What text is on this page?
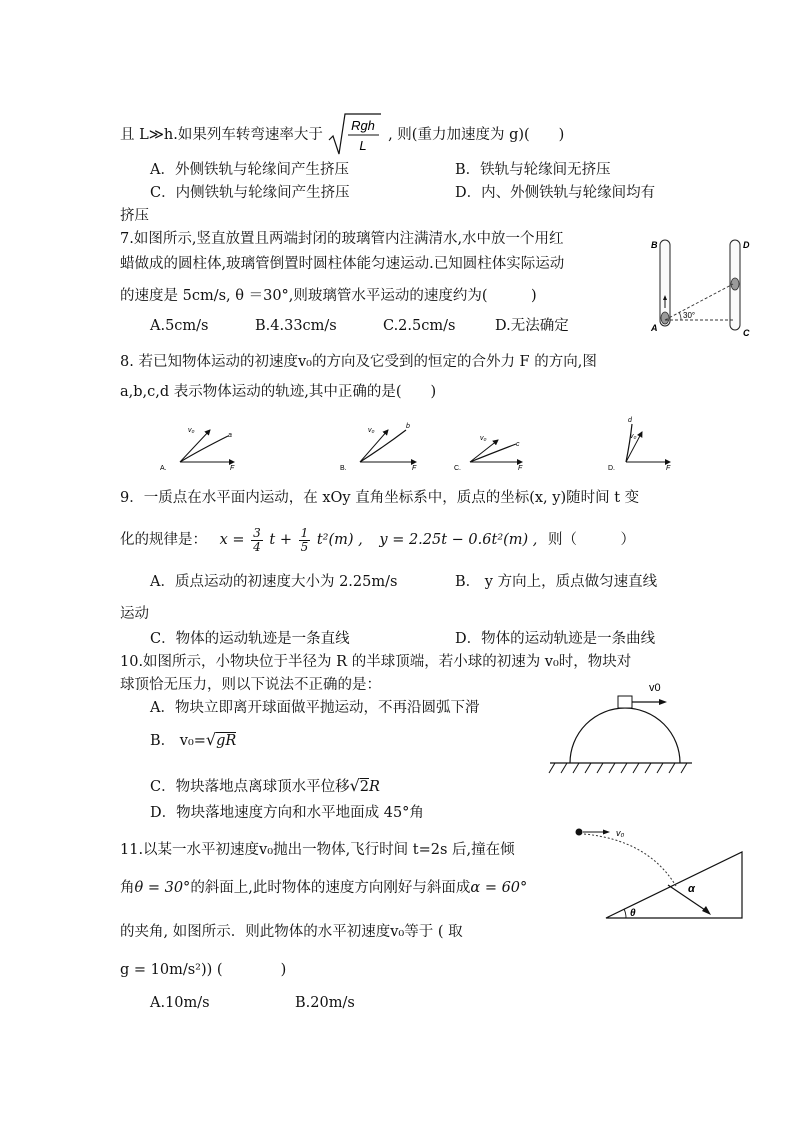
且 L≫h.如果列车转弯速率大于
Rgh
L
, 则(重力加速度为 g)(　　)
A．外侧铁轨与轮缘间产生挤压	B．铁轨与轮缘间无挤压
C．内侧铁轨与轮缘间产生挤压	D．内、外侧铁轨与轮缘间均有
挤压
7.如图所示,竖直放置且两端封闭的玻璃管内注满清水,水中放一个用红
蜡做成的圆柱体,玻璃管倒置时圆柱体能匀速运动.已知圆柱体实际运动
的速度是 5cm/s, θ ＝30°,则玻璃管水平运动的速度约为(　　　)
A.5cm/s	B.4.33cm/s	C.2.5cm/s	D.无法确定
30°
B
A
D
C
8. 若已知物体运动的初速度v₀的方向及它受到的恒定的合外力 F 的方向,图
a,b,c,d 表示物体运动的轨迹,其中正确的是(　　)
A.
v₀
a
F	B.
v₀
b
F	C.
v₀
c
F	D.
v₀
d
F
9．一质点在水平面内运动，在 xOy 直角坐标系中，质点的坐标(x, y)随时间 t 变
化的规律是： $x = \frac{3}{4}$ $t + \frac{1}{5} t^2(m)$ , y = 2.25t − 0.6t²(m) , 则（　　　）
A．质点运动的初速度大小为 2.25m/s	B． y 方向上，质点做匀速直线
运动
C．物体的运动轨迹是一条直线	D．物体的运动轨迹是一条曲线
10.如图所示，小物块位于半径为 R 的半球顶端，若小球的初速为 v₀时，物块对
球顶恰无压力，则以下说法不正确的是：
A．物块立即离开球面做平抛运动，不再沿圆弧下滑
B． v₀=√gR
C．物块落地点离球顶水平位移√2R
D．物块落地速度方向和水平地面成 45°角
v0
11.以某一水平初速度v₀抛出一物体,飞行时间 t=2s 后,撞在倾
角θ = 30°的斜面上,此时物体的速度方向刚好与斜面成α = 60°
的夹角, 如图所示．则此物体的水平初速度v₀等于 ( 取
g = 10m/s²)) (　　　　)
A.10m/s	B.20m/s
v₀
α
θ
